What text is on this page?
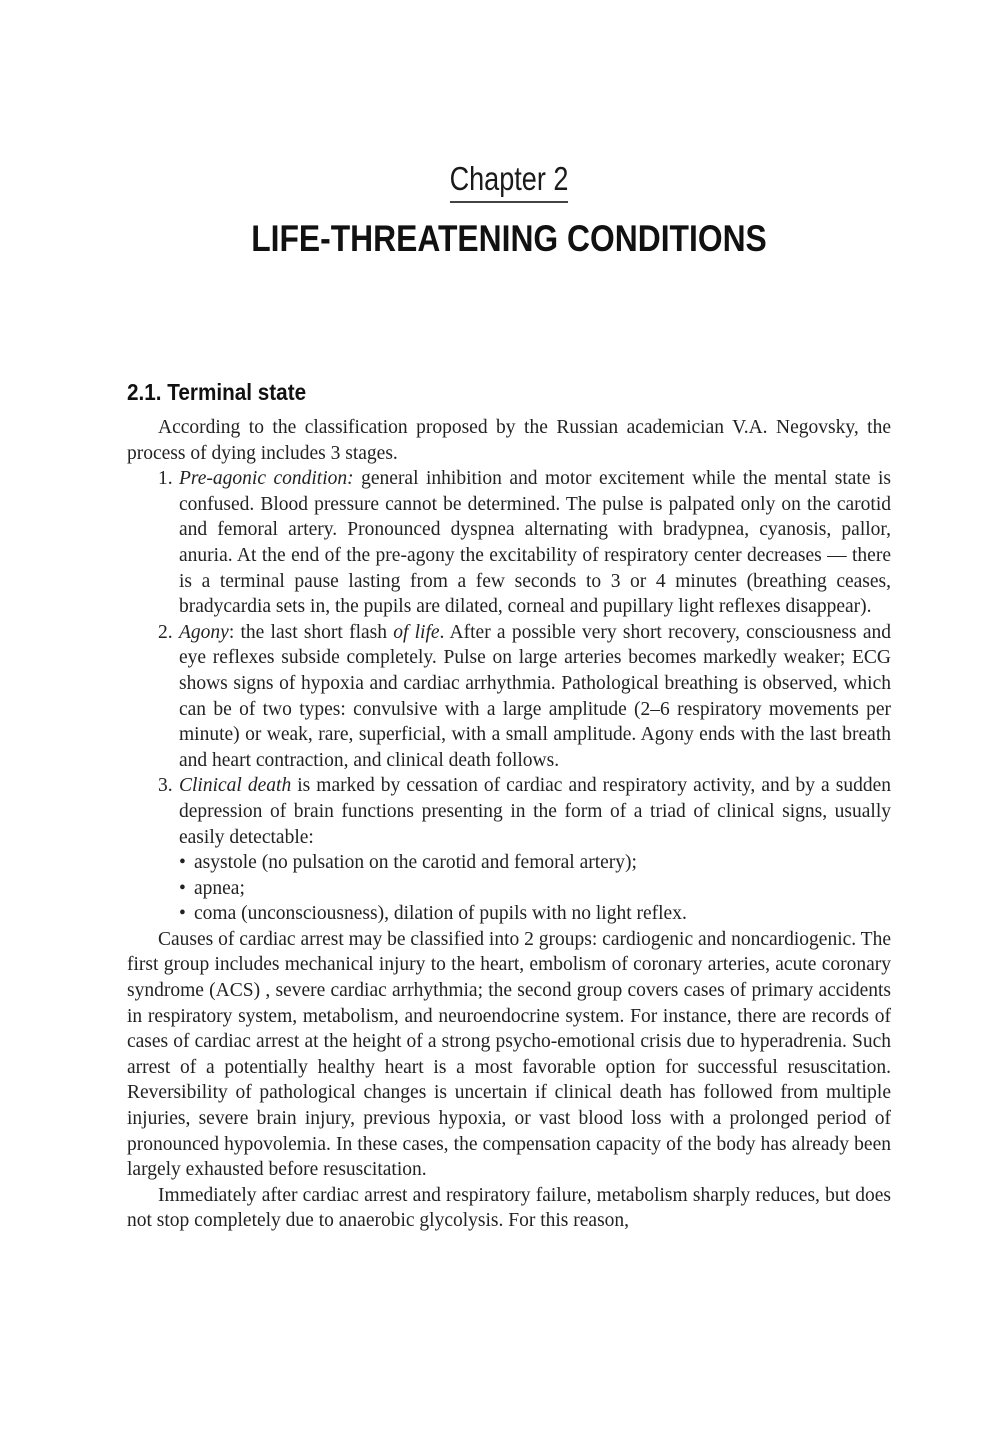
Chapter 2
LIFE-THREATENING CONDITIONS
2.1. Terminal state

According to the classification proposed by the Russian academician V.A. Negovsky, the process of dying includes 3 stages.

1. Pre-agonic condition: general inhibition and motor excitement while the mental state is confused. Blood pressure cannot be determined. The pulse is palpated only on the carotid and femoral artery. Pronounced dyspnea alternating with bradypnea, cyanosis, pallor, anuria. At the end of the pre-agony the excitability of respiratory center decreases — there is a terminal pause lasting from a few seconds to 3 or 4 minutes (breathing ceases, bradycardia sets in, the pupils are dilated, corneal and pupillary light reflexes disappear).
2. Agony: the last short flash of life. After a possible very short recovery, consciousness and eye reflexes subside completely. Pulse on large arteries becomes markedly weaker; ECG shows signs of hypoxia and cardiac arrhythmia. Pathological breathing is observed, which can be of two types: convulsive with a large amplitude (2–6 respiratory movements per minute) or weak, rare, superficial, with a small amplitude. Agony ends with the last breath and heart contraction, and clinical death follows.
3. Clinical death is marked by cessation of cardiac and respiratory activity, and by a sudden depression of brain functions presenting in the form of a triad of clinical signs, usually easily detectable:
• asystole (no pulsation on the carotid and femoral artery);
• apnea;
• coma (unconsciousness), dilation of pupils with no light reflex.

Causes of cardiac arrest may be classified into 2 groups: cardiogenic and noncardiogenic. The first group includes mechanical injury to the heart, embolism of coronary arteries, acute coronary syndrome (ACS) , severe cardiac arrhythmia; the second group covers cases of primary accidents in respiratory system, metabolism, and neuroendocrine system. For instance, there are records of cases of cardiac arrest at the height of a strong psycho-emotional crisis due to hyperadrenia. Such arrest of a potentially healthy heart is a most favorable option for successful resuscitation. Reversibility of pathological changes is uncertain if clinical death has followed from multiple injuries, severe brain injury, previous hypoxia, or vast blood loss with a prolonged period of pronounced hypovolemia. In these cases, the compensation capacity of the body has already been largely exhausted before resuscitation.

Immediately after cardiac arrest and respiratory failure, metabolism sharply reduces, but does not stop completely due to anaerobic glycolysis. For this reason,
